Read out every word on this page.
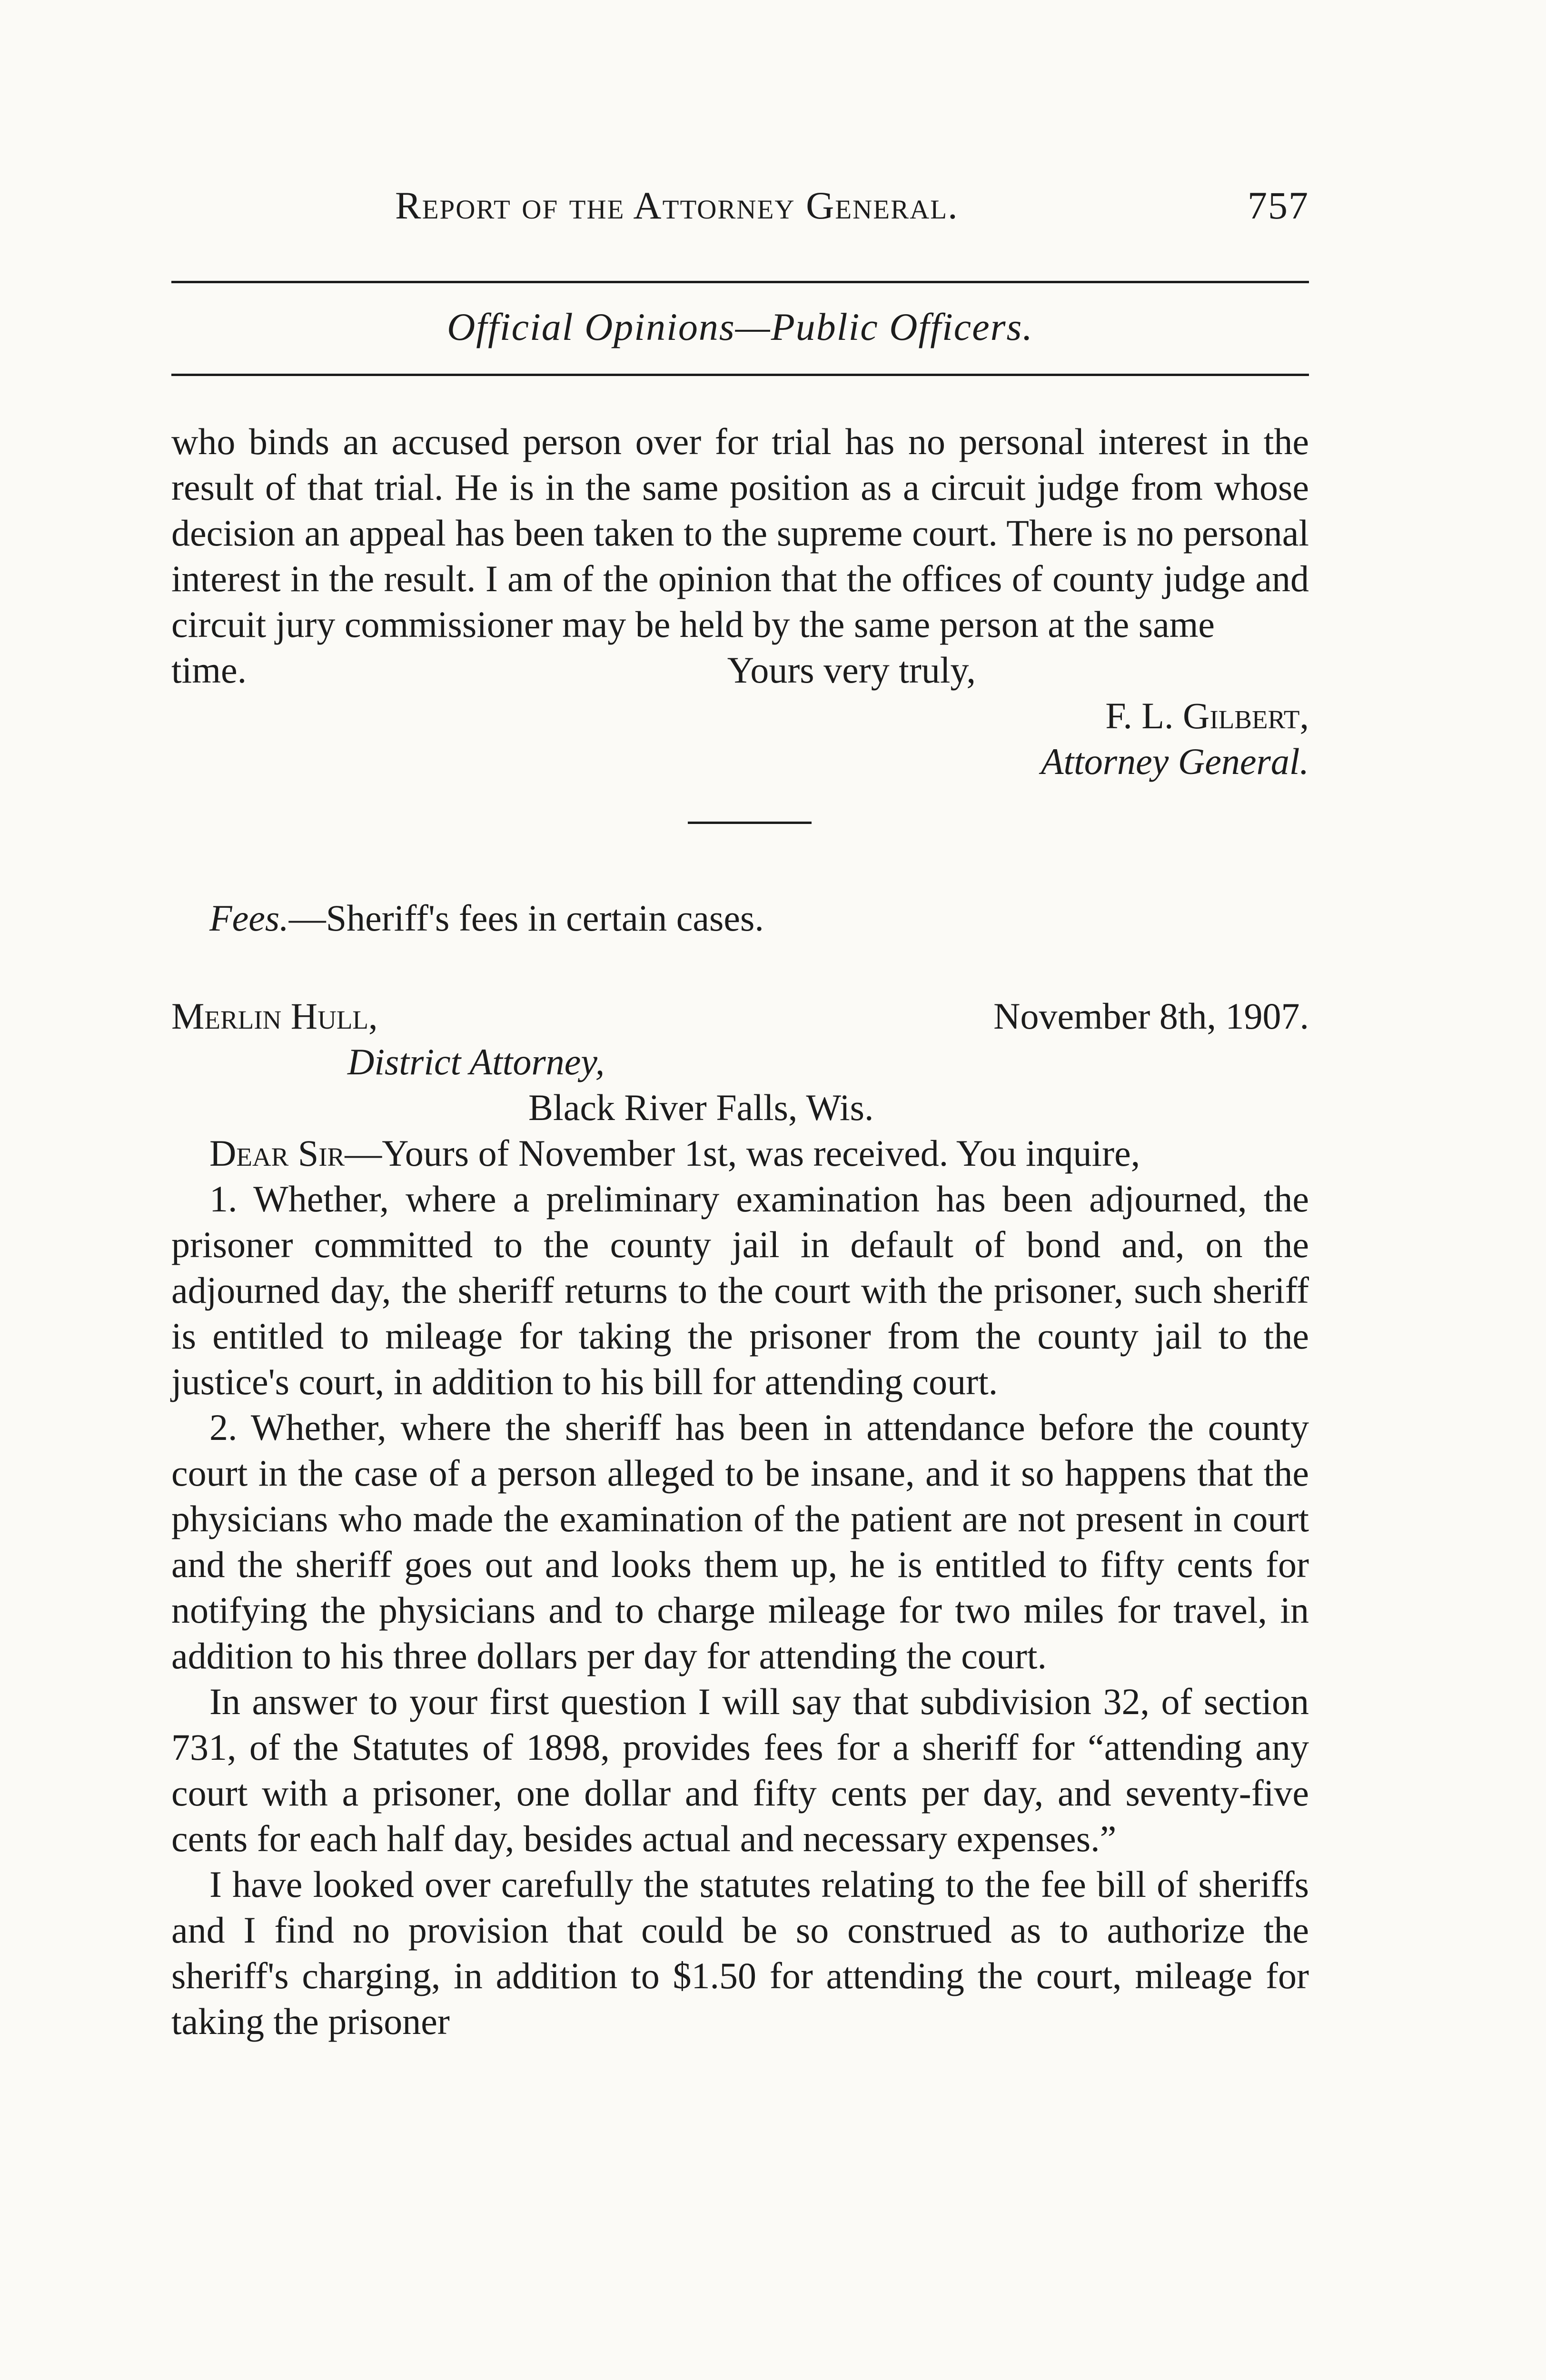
Report of the Attorney General.	757
Official Opinions—Public Officers.

who binds an accused person over for trial has no personal interest in the result of that trial. He is in the same position as a circuit judge from whose decision an appeal has been taken to the supreme court. There is no personal interest in the result. I am of the opinion that the offices of county judge and circuit jury commissioner may be held by the same person at the same

time.	Yours very truly,

F. L. Gilbert,

Attorney General.

Fees.—Sheriff's fees in certain cases.

Merlin Hull,	November 8th, 1907.

District Attorney,

Black River Falls, Wis.

Dear Sir—Yours of November 1st, was received. You inquire,

1. Whether, where a preliminary examination has been adjourned, the prisoner committed to the county jail in default of bond and, on the adjourned day, the sheriff returns to the court with the prisoner, such sheriff is entitled to mileage for taking the prisoner from the county jail to the justice's court, in addition to his bill for attending court.

2. Whether, where the sheriff has been in attendance before the county court in the case of a person alleged to be insane, and it so happens that the physicians who made the examination of the patient are not present in court and the sheriff goes out and looks them up, he is entitled to fifty cents for notifying the physicians and to charge mileage for two miles for travel, in addition to his three dollars per day for attending the court.

In answer to your first question I will say that subdivision 32, of section 731, of the Statutes of 1898, provides fees for a sheriff for “attending any court with a prisoner, one dollar and fifty cents per day, and seventy-five cents for each half day, besides actual and necessary expenses.”

I have looked over carefully the statutes relating to the fee bill of sheriffs and I find no provision that could be so construed as to authorize the sheriff's charging, in addition to $1.50 for attending the court, mileage for taking the prisoner
